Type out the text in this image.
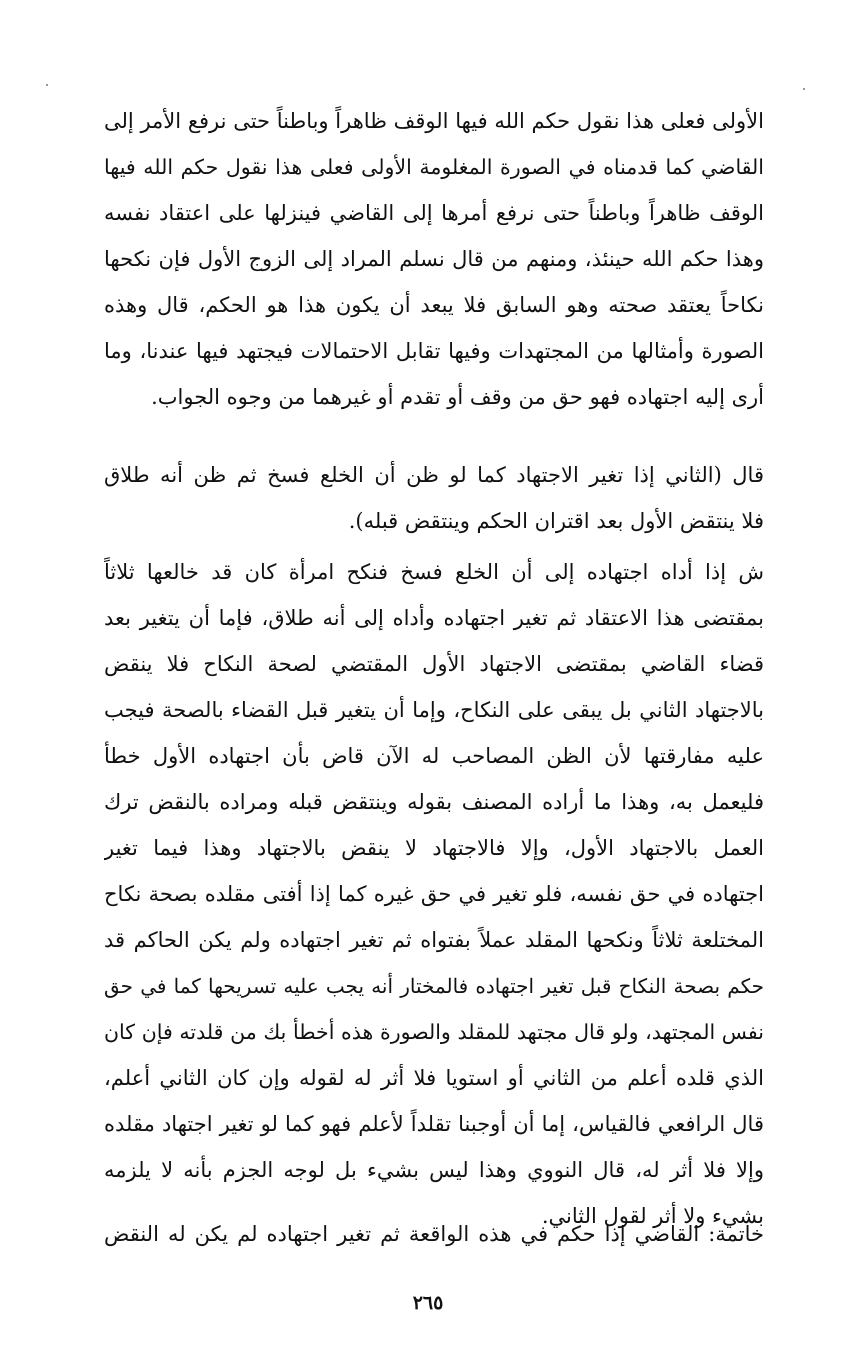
الأولى فعلى هذا نقول حكم الله فيها الوقف ظاهراً وباطناً حتى نرفع الأمر إلى
القاضي كما قدمناه في الصورة المغلومة الأولى فعلى هذا نقول حكم الله فيها
الوقف ظاهراً وباطناً حتى نرفع أمرها إلى القاضي فينزلها على اعتقاد نفسه
وهذا حكم الله حينئذ، ومنهم من قال نسلم المراد إلى الزوج الأول فإن نكحها
نكاحاً يعتقد صحته وهو السابق فلا يبعد أن يكون هذا هو الحكم، قال وهذه
الصورة وأمثالها من المجتهدات وفيها تقابل الاحتمالات فيجتهد فيها عندنا، وما
أرى إليه اجتهاده فهو حق من وقف أو تقدم أو غيرهما من وجوه الجواب.
قال (الثاني إذا تغير الاجتهاد كما لو ظن أن الخلع فسخ ثم ظن أنه طلاق
فلا ينتقض الأول بعد اقتران الحكم وينتقض قبله).
ش إذا أداه اجتهاده إلى أن الخلع فسخ فنكح امرأة كان قد خالعها ثلاثاً
بمقتضى هذا الاعتقاد ثم تغير اجتهاده وأداه إلى أنه طلاق، فإما أن يتغير بعد
قضاء القاضي بمقتضى الاجتهاد الأول المقتضي لصحة النكاح فلا ينقض
بالاجتهاد الثاني بل يبقى على النكاح، وإما أن يتغير قبل القضاء بالصحة فيجب
عليه مفارقتها لأن الظن المصاحب له الآن قاض بأن اجتهاده الأول خطأ
فليعمل به، وهذا ما أراده المصنف بقوله وينتقض قبله ومراده بالنقض ترك
العمل بالاجتهاد الأول، وإلا فالاجتهاد لا ينقض بالاجتهاد وهذا فيما تغير
اجتهاده في حق نفسه، فلو تغير في حق غيره كما إذا أفتى مقلده بصحة نكاح
المختلعة ثلاثاً ونكحها المقلد عملاً بفتواه ثم تغير اجتهاده ولم يكن الحاكم قد
حكم بصحة النكاح قبل تغير اجتهاده فالمختار أنه يجب عليه تسريحها كما في حق
نفس المجتهد، ولو قال مجتهد للمقلد والصورة هذه أخطأ بك من قلدته فإن كان
الذي قلده أعلم من الثاني أو استويا فلا أثر له لقوله وإن كان الثاني أعلم،
قال الرافعي فالقياس، إما أن أوجبنا تقلداً لأعلم فهو كما لو تغير اجتهاد مقلده
وإلا فلا أثر له، قال النووي وهذا ليس بشيء بل لوجه الجزم بأنه لا يلزمه
بشيء ولا أثر لقول الثاني.
خاتمة: القاضي إذا حكم في هذه الواقعة ثم تغير اجتهاده لم يكن له النقض
٢٦٥
